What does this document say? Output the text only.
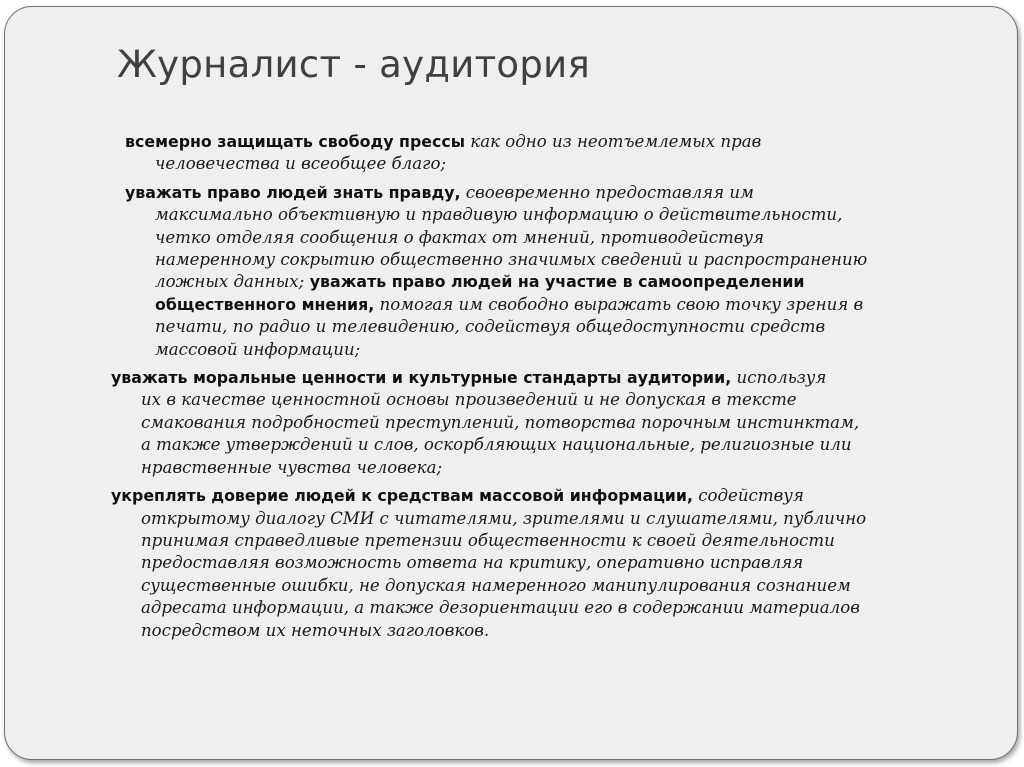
Журналист - аудитория

всемерно защищать свободу прессы как одно из неотъемлемых прав
человечества и всеобщее благо;

уважать право людей знать правду, своевременно предоставляя им
максимально объективную и правдивую информацию о действительности,
четко отделяя сообщения о фактах от мнений, противодействуя
намеренному сокрытию общественно значимых сведений и распространению
ложных данных; уважать право людей на участие в самоопределении
общественного мнения, помогая им свободно выражать свою точку зрения в
печати, по радио и телевидению, содействуя общедоступности средств
массовой информации;

уважать моральные ценности и культурные стандарты аудитории, используя
их в качестве ценностной основы произведений и не допуская в тексте
смакования подробностей преступлений, потворства порочным инстинктам,
а также утверждений и слов, оскорбляющих национальные, религиозные или
нравственные чувства человека;

укреплять доверие людей к средствам массовой информации, содействуя
открытому диалогу СМИ с читателями, зрителями и слушателями, публично
принимая справедливые претензии общественности к своей деятельности
предоставляя возможность ответа на критику, оперативно исправляя
существенные ошибки, не допуская намеренного манипулирования сознанием
адресата информации, а также дезориентации его в содержании материалов
посредством их неточных заголовков.
